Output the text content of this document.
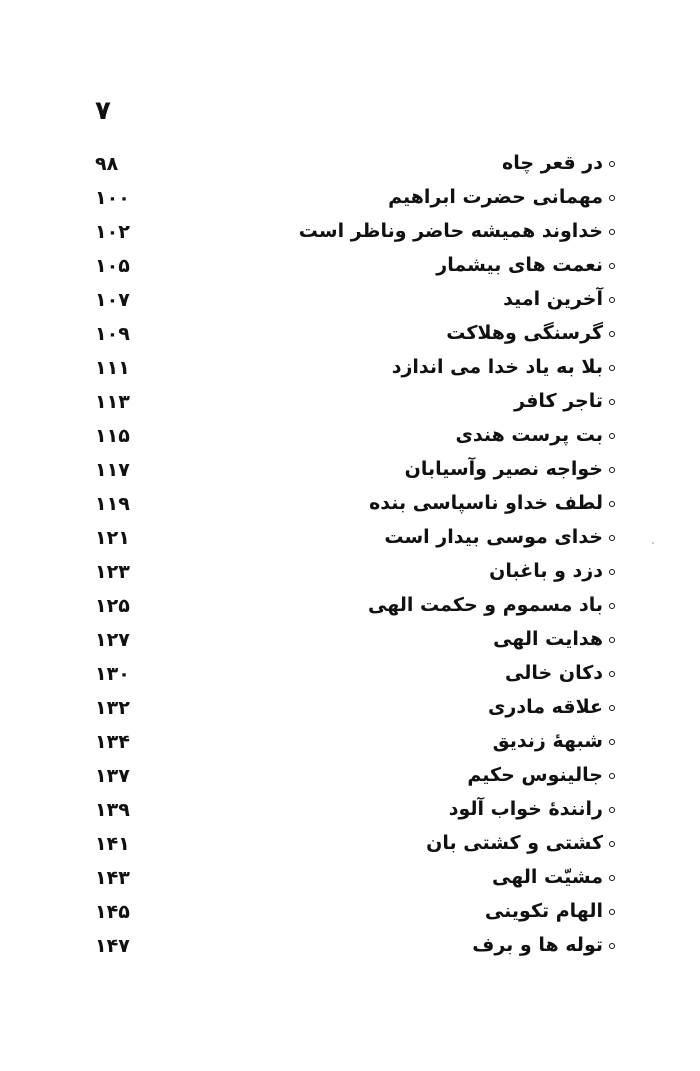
۷
در قعر چاه
۹۸
مهمانی حضرت ابراهیم
۱۰۰
خداوند همیشه حاضر وناظر است
۱۰۲
نعمت های بیشمار
۱۰۵
آخرین امید
۱۰۷
گرسنگی وهلاکت
۱۰۹
بلا به یاد خدا می اندازد
۱۱۱
تاجر کافر
۱۱۳
بت پرست هندی
۱۱۵
خواجه نصیر وآسیابان
۱۱۷
لطف خداو ناسپاسی بنده
۱۱۹
خدای موسی بیدار است
۱۲۱
دزد و باغبان
۱۲۳
باد مسموم و حکمت الهی
۱۲۵
هدایت الهی
۱۲۷
دکان خالی
۱۳۰
علاقه مادری
۱۳۲
شبههٔ زندیق
۱۳۴
جالینوس حکیم
۱۳۷
رانندهٔ خواب آلود
۱۳۹
کشتی و کشتی بان
۱۴۱
مشیّت الهی
۱۴۳
الهام تکوینی
۱۴۵
توله ها و برف
۱۴۷
